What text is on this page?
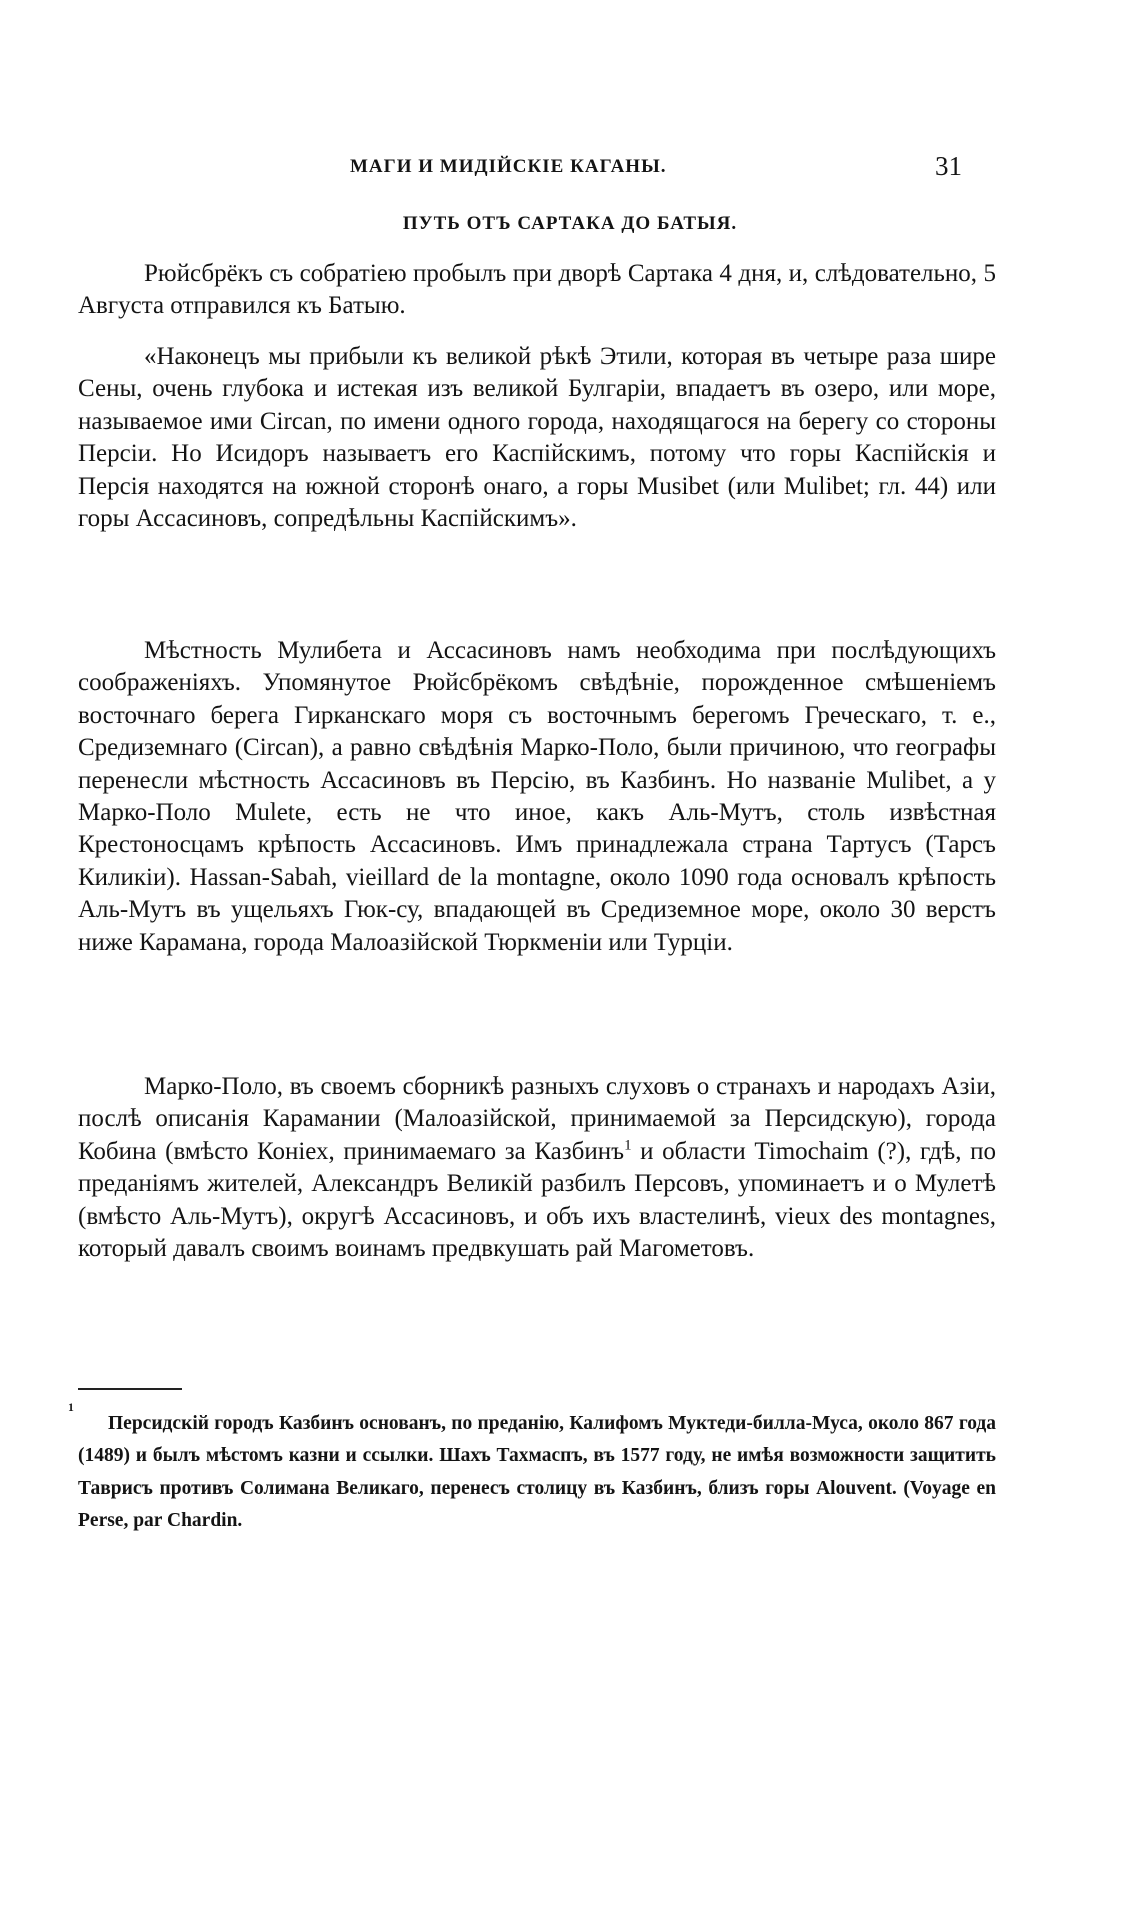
МАГИ И МИДІЙСКІЕ КАГАНЫ.	31
ПУТЬ ОТЪ САРТАКА ДО БАТЫЯ.

Рюйсбрёкъ съ собратіею пробылъ при дворѣ Сартака 4 дня, и, слѣдовательно, 5 Августа отправился къ Батыю.

«Наконецъ мы прибыли къ великой рѣкѣ Этили, которая въ четыре раза шире Сены, очень глубока и истекая изъ великой Булгаріи, впадаетъ въ озеро, или море, называемое ими Circan, по имени одного города, находящагося на берегу со стороны Персіи. Но Исидоръ называетъ его Каспійскимъ, потому что горы Каспійскія и Персія находятся на южной сторонѣ онаго, а горы Musibet (или Mulibet; гл. 44) или горы Ассасиновъ, сопредѣльны Каспійскимъ».

Мѣстность Мулибета и Ассасиновъ намъ необходима при послѣдующихъ соображеніяхъ. Упомянутое Рюйсбрёкомъ свѣдѣніе, порожденное смѣшеніемъ восточнаго берега Гирканскаго моря съ восточнымъ берегомъ Греческаго, т. е., Средиземнаго (Circan), а равно свѣдѣнія Марко-Поло, были причиною, что географы перенесли мѣстность Ассасиновъ въ Персію, въ Казбинъ. Но названіе Mulibet, а у Марко-Поло Mulete, есть не что иное, какъ Аль-Мутъ, столь извѣстная Крестоносцамъ крѣпость Ассасиновъ. Имъ принадлежала страна Тартусъ (Тарсъ Киликіи). Hassan-Sabah, vieillard de la montagne, около 1090 года основалъ крѣпость Аль-Мутъ въ ущельяхъ Гюк-су, впадающей въ Средиземное море, около 30 верстъ ниже Карамана, города Малоазійской Тюркменіи или Турціи.

Марко-Поло, въ своемъ сборникѣ разныхъ слуховъ о странахъ и народахъ Азіи, послѣ описанія Карамании (Малоазійской, принимаемой за Персидскую), города Кобина (вмѣсто Коніех, принимаемаго за Казбинъ$^1$ и области Timochaim (?), гдѣ, по преданіямъ жителей, Александръ Великій разбилъ Персовъ, упоминаетъ и о Мулетѣ (вмѣсто Аль-Мутъ), округѣ Ассасиновъ, и объ ихъ властелинѣ, vieux des montagnes, который давалъ своимъ воинамъ предвкушать рай Магометовъ.

1
Персидскій городъ Казбинъ основанъ, по преданію, Калифомъ Муктеди-билла-Муса, около 867 года (1489) и былъ мѣстомъ казни и ссылки. Шахъ Тахмаспъ, въ 1577 году, не имѣя возможности защитить Таврисъ противъ Солимана Великаго, перенесъ столицу въ Казбинъ, близъ горы Alouvent. (Voyage en Perse, par Chardin.
